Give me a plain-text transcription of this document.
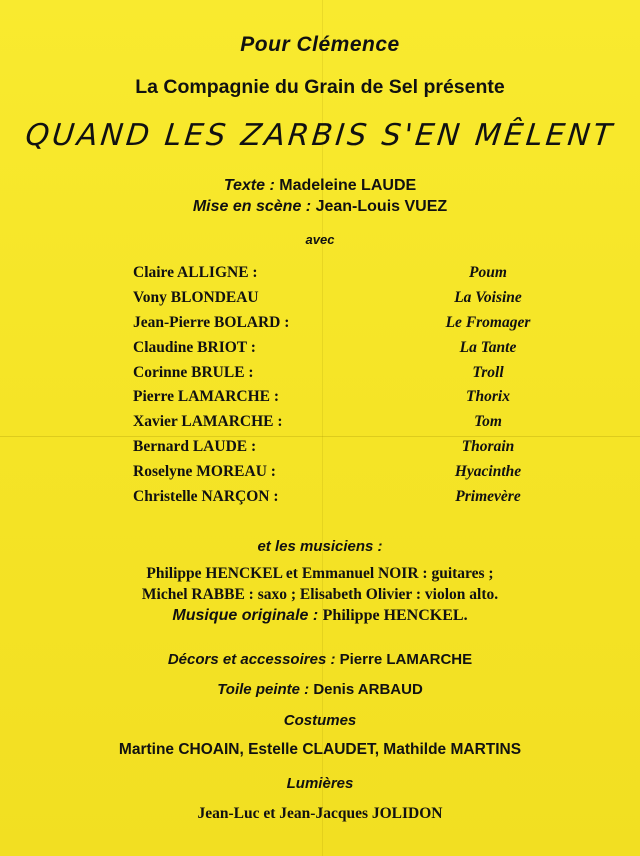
Pour Clémence
La Compagnie du Grain de Sel présente
QUAND LES ZARBIS S'EN MÊLENT
Texte : Madeleine LAUDE
Mise en scène : Jean-Louis VUEZ
avec
Claire ALLIGNE :	Poum
Vony BLONDEAU	La Voisine
Jean-Pierre BOLARD :	Le Fromager
Claudine BRIOT :	La Tante
Corinne BRULE :	Troll
Pierre LAMARCHE :	Thorix
Xavier LAMARCHE :	Tom
Bernard LAUDE :	Thorain
Roselyne MOREAU :	Hyacinthe
Christelle NARÇON :	Primevère
et les musiciens :
Philippe HENCKEL et Emmanuel NOIR : guitares ;
Michel RABBE : saxo ; Elisabeth Olivier : violon alto.
Musique originale : Philippe HENCKEL.
Décors et accessoires : Pierre LAMARCHE
Toile peinte : Denis ARBAUD
Costumes
Martine CHOAIN, Estelle CLAUDET, Mathilde MARTINS
Lumières
Jean-Luc et Jean-Jacques JOLIDON
